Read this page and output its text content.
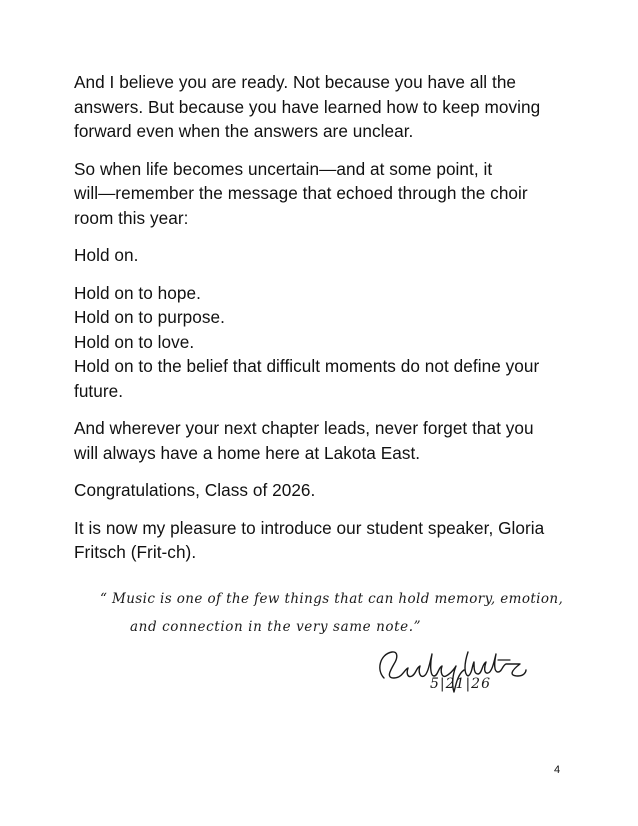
And I believe you are ready. Not because you have all the
answers. But because you have learned how to keep moving
forward even when the answers are unclear.

So when life becomes uncertain—and at some point, it
will—remember the message that echoed through the choir
room this year:

Hold on.

Hold on to hope.
Hold on to purpose.
Hold on to love.
Hold on to the belief that difficult moments do not define your
future.

And wherever your next chapter leads, never forget that you
will always have a home here at Lakota East.

Congratulations, Class of 2026.

It is now my pleasure to introduce our student speaker, Gloria
Fritsch (Frit-ch).

“ Music is one of the few things that can hold memory, emotion,
and connection in the very same note.”
5|21|26
4
